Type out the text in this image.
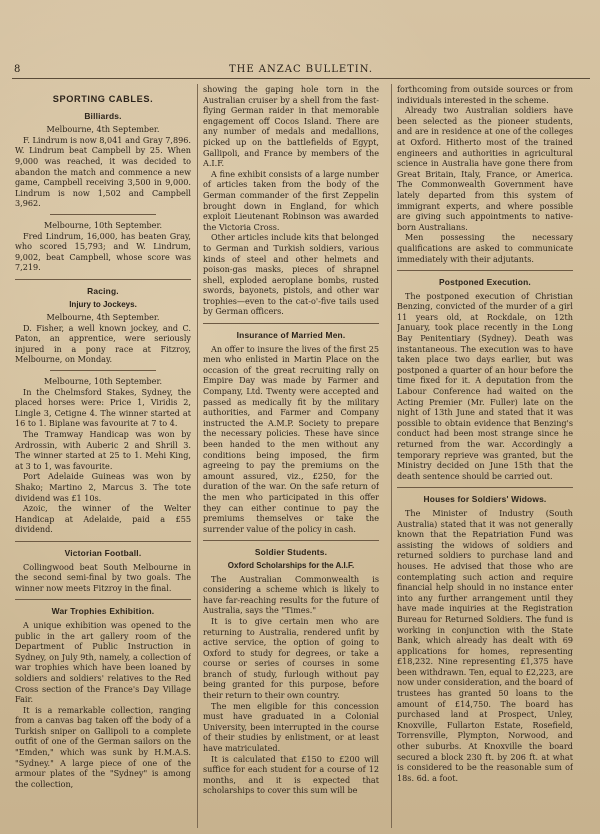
8	THE ANZAC BULLETIN.
SPORTING CABLES.
Billiards.

Melbourne, 4th September.

F. Lindrum is now 8,041 and Gray 7,896. W. Lindrum beat Campbell by 25. When 9,000 was reached, it was decided to abandon the match and commence a new game, Campbell receiving 3,500 in 9,000. Lindrum is now 1,502 and Campbell 3,962.

Melbourne, 10th September.

Fred Lindrum, 16,000, has beaten Gray, who scored 15,793; and W. Lindrum, 9,002, beat Campbell, whose score was 7,219.

Racing.
Injury to Jockeys.

Melbourne, 4th September.

D. Fisher, a well known jockey, and C. Paton, an apprentice, were seriously injured in a pony race at Fitzroy, Melbourne, on Monday.

Melbourne, 10th September.

In the Chelmsford Stakes, Sydney, the placed horses were: Price 1, Viridis 2, Lingle 3, Cetigne 4. The winner started at 16 to 1. Biplane was favourite at 7 to 4.

The Tramway Handicap was won by Ardrossin, with Auberic 2 and Shrill 3. The winner started at 25 to 1. Mehi King, at 3 to 1, was favourite.

Port Adelaide Guineas was won by Shako; Martino 2, Marcus 3. The tote dividend was £1 10s.

Azoic, the winner of the Welter Handicap at Adelaide, paid a £55 dividend.

Victorian Football.

Collingwood beat South Melbourne in the second semi-final by two goals. The winner now meets Fitzroy in the final.

War Trophies Exhibition.

A unique exhibition was opened to the public in the art gallery room of the Department of Public Instruction in Sydney, on July 9th, namely, a collection of war trophies which have been loaned by soldiers and soldiers' relatives to the Red Cross section of the France's Day Village Fair.

It is a remarkable collection, ranging from a canvas bag taken off the body of a Turkish sniper on Gallipoli to a complete outfit of one of the German sailors on the "Emden," which was sunk by H.M.A.S. "Sydney." A large piece of one of the armour plates of the "Sydney" is among the collection,

showing the gaping hole torn in the Australian cruiser by a shell from the fast-flying German raider in that memorable engagement off Cocos Island. There are any number of medals and medallions, picked up on the battlefields of Egypt, Gallipoli, and France by members of the A.I.F.

A fine exhibit consists of a large number of articles taken from the body of the German commander of the first Zeppelin brought down in England, for which exploit Lieutenant Robinson was awarded the Victoria Cross.

Other articles include kits that belonged to German and Turkish soldiers, various kinds of steel and other helmets and poison-gas masks, pieces of shrapnel shell, exploded aeroplane bombs, rusted swords, bayonets, pistols, and other war trophies—even to the cat-o'-five tails used by German officers.

Insurance of Married Men.

An offer to insure the lives of the first 25 men who enlisted in Martin Place on the occasion of the great recruiting rally on Empire Day was made by Farmer and Company, Ltd. Twenty were accepted and passed as medically fit by the military authorities, and Farmer and Company instructed the A.M.P. Society to prepare the necessary policies. These have since been handed to the men without any conditions being imposed, the firm agreeing to pay the premiums on the amount assured, viz., £250, for the duration of the war. On the safe return of the men who participated in this offer they can either continue to pay the premiums themselves or take the surrender value of the policy in cash.

Soldier Students.
Oxford Scholarships for the A.I.F.

The Australian Commonwealth is considering a scheme which is likely to have far-reaching results for the future of Australia, says the "Times."

It is to give certain men who are returning to Australia, rendered unfit by active service, the option of going to Oxford to study for degrees, or take a course or series of courses in some branch of study, furlough without pay being granted for this purpose, before their return to their own country.

The men eligible for this concession must have graduated in a Colonial University, been interrupted in the course of their studies by enlistment, or at least have matriculated.

It is calculated that £150 to £200 will suffice for each student for a course of 12 months, and it is expected that scholarships to cover this sum will be

forthcoming from outside sources or from individuals interested in the scheme.

Already two Australian soldiers have been selected as the pioneer students, and are in residence at one of the colleges at Oxford. Hitherto most of the trained engineers and authorities in agricultural science in Australia have gone there from Great Britain, Italy, France, or America. The Commonwealth Government have lately departed from this system of immigrant experts, and where possible are giving such appointments to native-born Australians.

Men possessing the necessary qualifications are asked to communicate immediately with their adjutants.

Postponed Execution.

The postponed execution of Christian Benzing, convicted of the murder of a girl 11 years old, at Rockdale, on 12th January, took place recently in the Long Bay Penitentiary (Sydney). Death was instantaneous. The execution was to have taken place two days earlier, but was postponed a quarter of an hour before the time fixed for it. A deputation from the Labour Conference had waited on the Acting Premier (Mr. Fuller) late on the night of 13th June and stated that it was possible to obtain evidence that Benzing's conduct had been most strange since he returned from the war. Accordingly a temporary reprieve was granted, but the Ministry decided on June 15th that the death sentence should be carried out.

Houses for Soldiers' Widows.

The Minister of Industry (South Australia) stated that it was not generally known that the Repatriation Fund was assisting the widows of soldiers and returned soldiers to purchase land and houses. He advised that those who are contemplating such action and require financial help should in no instance enter into any further arrangement until they have made inquiries at the Registration Bureau for Returned Soldiers. The fund is working in conjunction with the State Bank, which already has dealt with 69 applications for homes, representing £18,232. Nine representing £1,375 have been withdrawn. Ten, equal to £2,223, are now under consideration, and the board of trustees has granted 50 loans to the amount of £14,750. The board has purchased land at Prospect, Unley, Knoxville, Fullarton Estate, Rosefield, Torrensville, Plympton, Norwood, and other suburbs. At Knoxville the board secured a block 230 ft. by 206 ft. at what is considered to be the reasonable sum of 18s. 6d. a foot.
